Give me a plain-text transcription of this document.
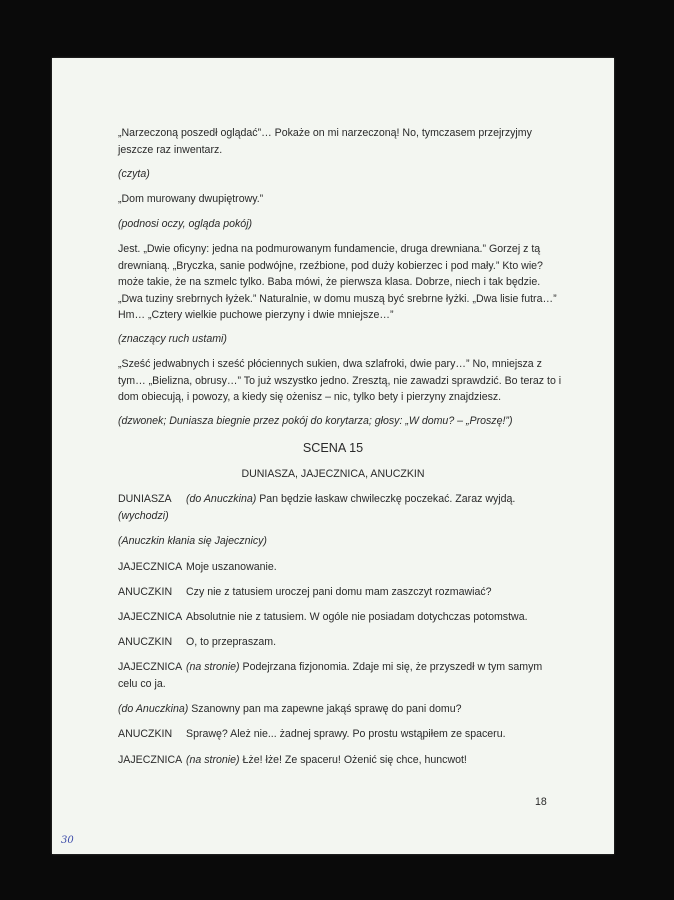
„Narzeczoną poszedł oglądać”… Pokaże on mi narzeczoną! No, tymczasem przejrzyjmy jeszcze raz inwentarz.
(czyta)
„Dom murowany dwupiętrowy.”
(podnosi oczy, ogląda pokój)
Jest. „Dwie oficyny: jedna na podmurowanym fundamencie, druga drewniana.” Gorzej z tą drewnianą. „Bryczka, sanie podwójne, rzeźbione, pod duży kobierzec i pod mały.” Kto wie? może takie, że na szmelc tylko. Baba mówi, że pierwsza klasa. Dobrze, niech i tak będzie. „Dwa tuziny srebrnych łyżek.” Naturalnie, w domu muszą być srebrne łyżki. „Dwa lisie futra…” Hm… „Cztery wielkie puchowe pierzyny i dwie mniejsze…”
(znaczący ruch ustami)
„Sześć jedwabnych i sześć płóciennych sukien, dwa szlafroki, dwie pary…” No, mniejsza z tym… „Bielizna, obrusy…” To już wszystko jedno. Zresztą, nie zawadzi sprawdzić. Bo teraz to i dom obiecują, i powozy, a kiedy się ożenisz – nic, tylko bety i pierzyny znajdziesz.
(dzwonek; Duniasza biegnie przez pokój do korytarza; głosy: „W domu? – „Proszę!”)
SCENA 15
DUNIASZA, JAJECZNICA, ANUCZKIN
DUNIASZA (do Anuczkina) Pan będzie łaskaw chwileczkę poczekać. Zaraz wyjdą.
(wychodzi)
(Anuczkin kłania się Jajecznicy)
JAJECZNICA Moje uszanowanie.
ANUCZKIN Czy nie z tatusiem uroczej pani domu mam zaszczyt rozmawiać?
JAJECZNICA Absolutnie nie z tatusiem. W ogóle nie posiadam dotychczas potomstwa.
ANUCZKIN O, to przepraszam.
JAJECZNICA (na stronie) Podejrzana fizjonomia. Zdaje mi się, że przyszedł w tym samym
celu co ja.
(do Anuczkina) Szanowny pan ma zapewne jakąś sprawę do pani domu?
ANUCZKIN Sprawę? Ależ nie... żadnej sprawy. Po prostu wstąpiłem ze spaceru.
JAJECZNICA (na stronie) Łże! łże! Ze spaceru! Ożenić się chce, huncwot!
18
30
